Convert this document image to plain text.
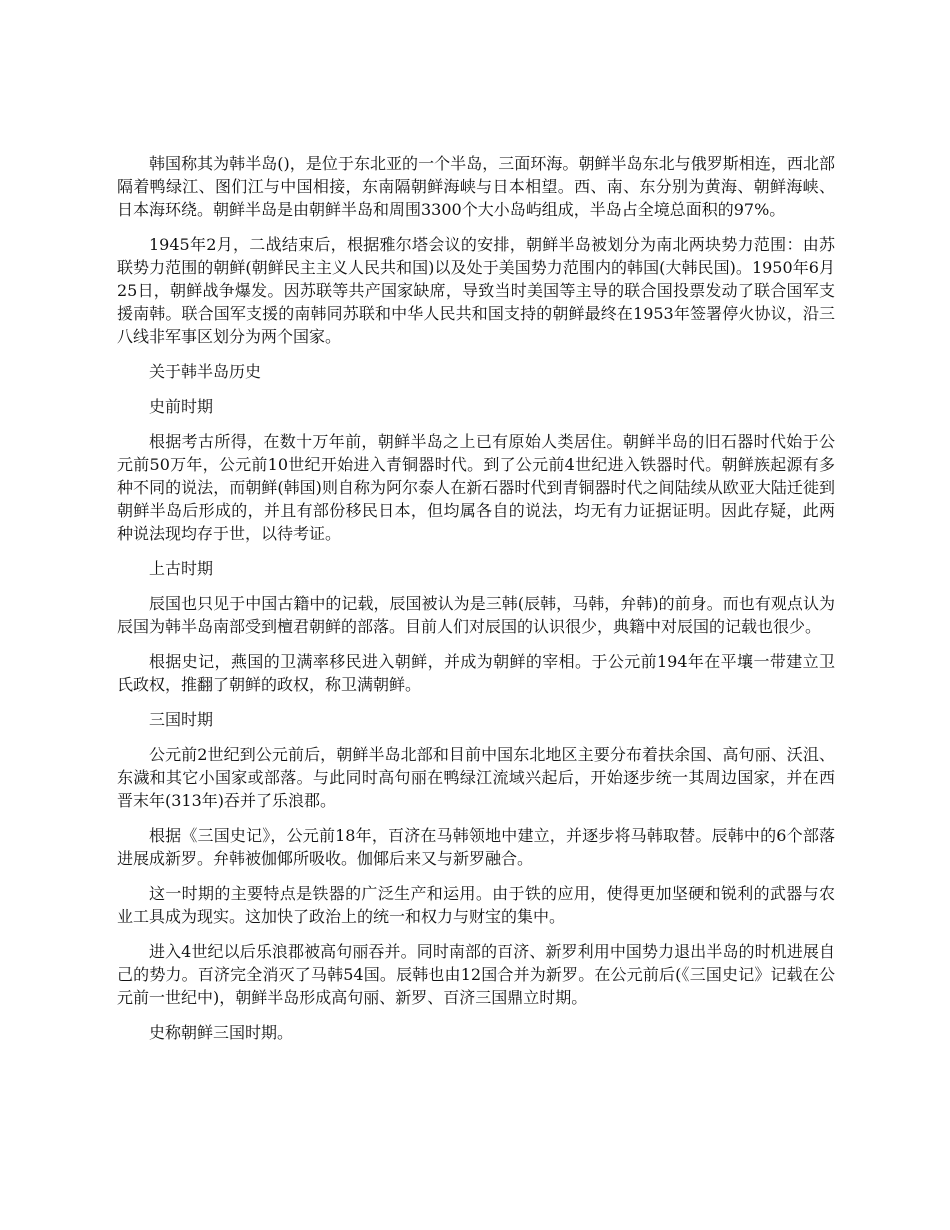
韩国称其为韩半岛()，是位于东北亚的一个半岛，三面环海。朝鲜半岛东北与俄罗斯相连，西北部隔着鸭绿江、图们江与中国相接，东南隔朝鲜海峡与日本相望。西、南、东分别为黄海、朝鲜海峡、日本海环绕。朝鲜半岛是由朝鲜半岛和周围3300个大小岛屿组成，半岛占全境总面积的97%。

1945年2月，二战结束后，根据雅尔塔会议的安排，朝鲜半岛被划分为南北两块势力范围：由苏联势力范围的朝鲜(朝鲜民主主义人民共和国)以及处于美国势力范围内的韩国(大韩民国)。1950年6月25日，朝鲜战争爆发。因苏联等共产国家缺席，导致当时美国等主导的联合国投票发动了联合国军支援南韩。联合国军支援的南韩同苏联和中华人民共和国支持的朝鲜最终在1953年签署停火协议，沿三八线非军事区划分为两个国家。

关于韩半岛历史

史前时期

根据考古所得，在数十万年前，朝鲜半岛之上已有原始人类居住。朝鲜半岛的旧石器时代始于公元前50万年，公元前10世纪开始进入青铜器时代。到了公元前4世纪进入铁器时代。朝鲜族起源有多种不同的说法，而朝鲜(韩国)则自称为阿尔泰人在新石器时代到青铜器时代之间陆续从欧亚大陆迁徙到朝鲜半岛后形成的，并且有部份移民日本，但均属各自的说法，均无有力证据证明。因此存疑，此两种说法现均存于世，以待考证。

上古时期

辰国也只见于中国古籍中的记载，辰国被认为是三韩(辰韩，马韩，弁韩)的前身。而也有观点认为辰国为韩半岛南部受到檀君朝鲜的部落。目前人们对辰国的认识很少，典籍中对辰国的记载也很少。

根据史记，燕国的卫满率移民进入朝鲜，并成为朝鲜的宰相。于公元前194年在平壤一带建立卫氏政权，推翻了朝鲜的政权，称卫满朝鲜。

三国时期

公元前2世纪到公元前后，朝鲜半岛北部和目前中国东北地区主要分布着扶余国、高句丽、沃沮、东濊和其它小国家或部落。与此同时高句丽在鸭绿江流域兴起后，开始逐步统一其周边国家，并在西晋末年(313年)吞并了乐浪郡。

根据《三国史记》，公元前18年，百济在马韩领地中建立，并逐步将马韩取替。辰韩中的6个部落进展成新罗。弁韩被伽倻所吸收。伽倻后来又与新罗融合。

这一时期的主要特点是铁器的广泛生产和运用。由于铁的应用，使得更加坚硬和锐利的武器与农业工具成为现实。这加快了政治上的统一和权力与财宝的集中。

进入4世纪以后乐浪郡被高句丽吞并。同时南部的百济、新罗利用中国势力退出半岛的时机进展自己的势力。百济完全消灭了马韩54国。辰韩也由12国合并为新罗。在公元前后(《三国史记》记载在公元前一世纪中)，朝鲜半岛形成高句丽、新罗、百济三国鼎立时期。

史称朝鲜三国时期。
